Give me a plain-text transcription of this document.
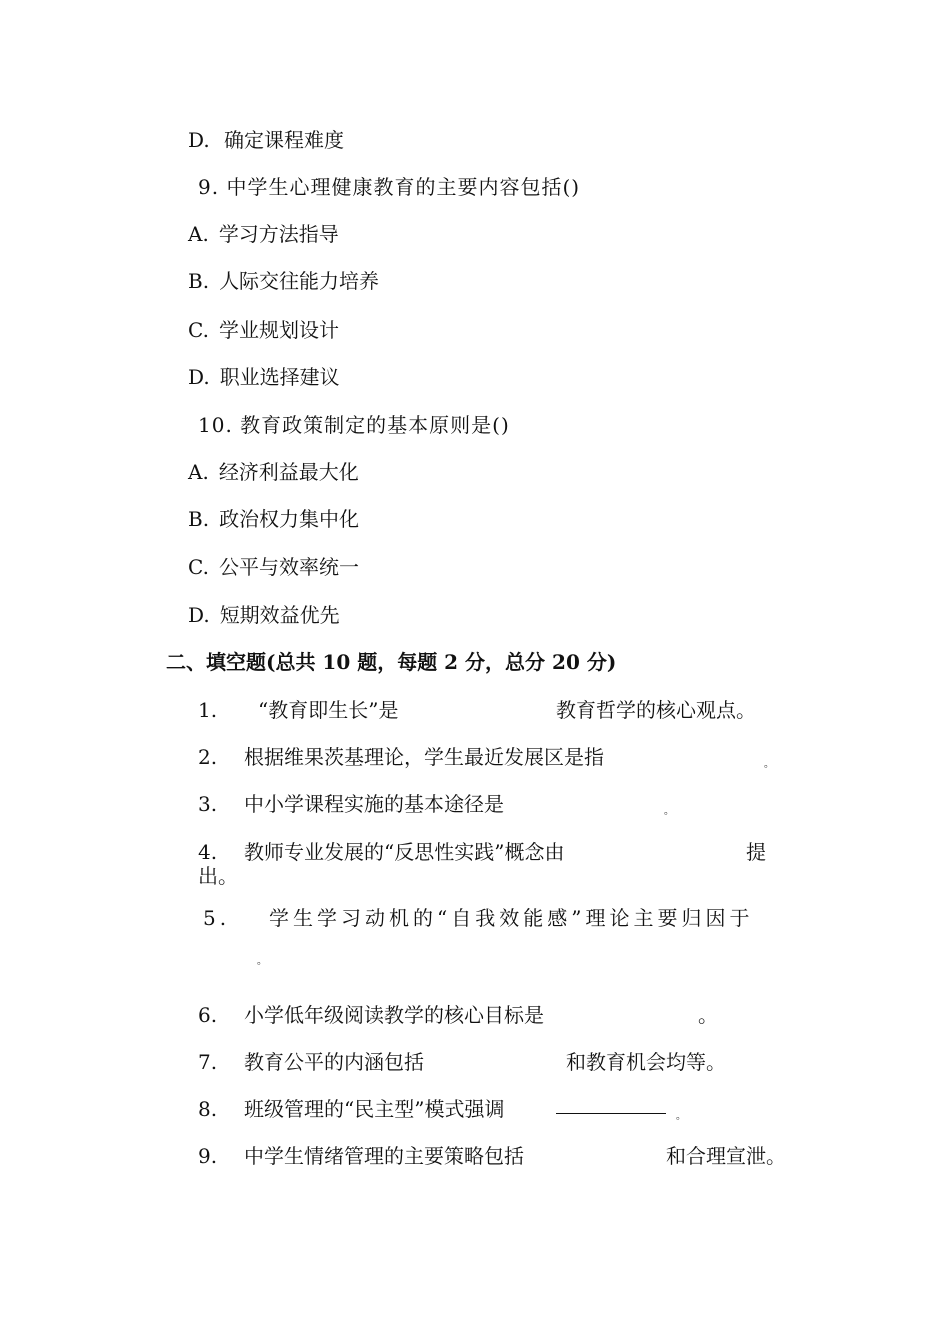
D. 确定课程难度
9. 中学生心理健康教育的主要内容包括()
A. 学习方法指导
B. 人际交往能力培养
C. 学业规划设计
D. 职业选择建议
10. 教育政策制定的基本原则是()
A. 经济利益最大化
B. 政治权力集中化
C. 公平与效率统一
D. 短期效益优先
二、填空题(总共 10 题，每题 2 分，总分 20 分)
1. “教育即生长”是	教育哲学的核心观点。
2. 根据维果茨基理论，学生最近发展区是指	。
3. 中小学课程实施的基本途径是	。
4. 教师专业发展的“反思性实践”概念由	提
出。
5. 学生学习动机的“自我效能感”理论主要归因于
。
6. 小学低年级阅读教学的核心目标是	。
7. 教育公平的内涵包括	和教育机会均等。
8. 班级管理的“民主型”模式强调	。
9. 中学生情绪管理的主要策略包括	和合理宣泄。
